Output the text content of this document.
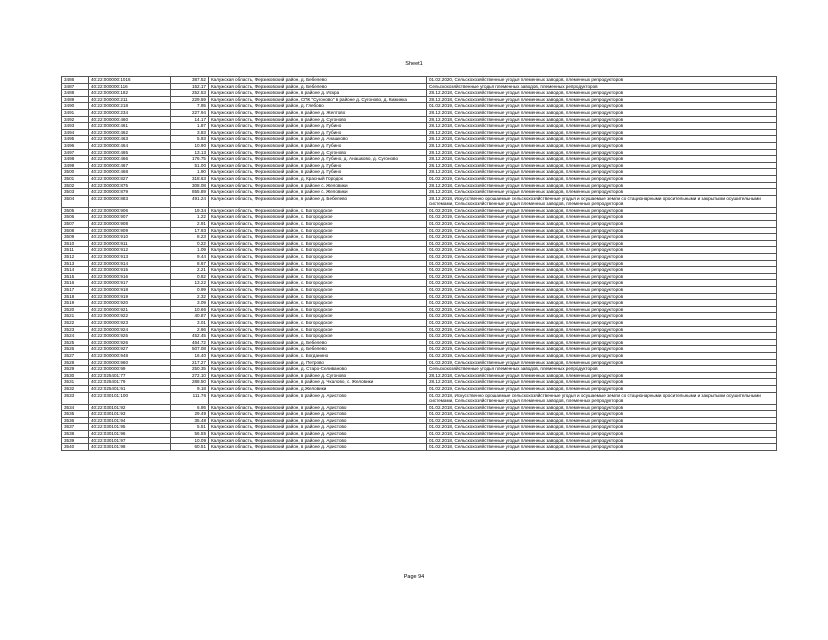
Sheet1
3486	40:22:000000:1016	387.52	Калужская область, Ферзиковский район, д. Бебелево	01.02.2020, Сельскохозяйственные угодья племенных заводов, племенных репродукторов
3487	40:22:000000:116	152.17	Калужская область, Ферзиковский район, д. Бебелево	Сельскохозяйственные угодья племенных заводов, племенных репродукторов
3488	40:22:000000:182	252.53	Калужская область, Ферзиковский район, в районе д. Искра	28.12.2018, Сельскохозяйственные угодья племенных заводов, племенных репродукторов
3489	40:22:000000:211	229.59	Калужская область, Ферзиковский район, СПК "Сугоново" в районе д. Сугоново, д. Кижинка	28.12.2018, Сельскохозяйственные угодья племенных заводов, племенных репродукторов
3490	40:22:000000:218	7.95	Калужская область, Ферзиковский район, д. Глебово	01.02.2019, Сельскохозяйственные угодья племенных заводов, племенных репродукторов
3491	40:22:000000:234	227.94	Калужская область, Ферзиковский район, в районе д. Желтово	28.12.2018, Сельскохозяйственные угодья племенных заводов, племенных репродукторов
3492	40:22:000000:460	14.17	Калужская область, Ферзиковский район, в районе д. Сугоново	28.12.2018, Сельскохозяйственные угодья племенных заводов, племенных репродукторов
3493	40:22:000000:461	1.87	Калужская область, Ферзиковский район, в районе д. Губино	28.12.2018, Сельскохозяйственные угодья племенных заводов, племенных репродукторов
3494	40:22:000000:462	3.83	Калужская область, Ферзиковский район, в районе д. Губино	28.12.2018, Сельскохозяйственные угодья племенных заводов, племенных репродукторов
3495	40:22:000000:463	5.93	Калужская область, Ферзиковский район, в районе д. Анашково	28.12.2018, Сельскохозяйственные угодья племенных заводов, племенных репродукторов
3496	40:22:000000:464	10.90	Калужская область, Ферзиковский район, в районе д. Губино	28.12.2018, Сельскохозяйственные угодья племенных заводов, племенных репродукторов
3497	40:22:000000:465	13.13	Калужская область, Ферзиковский район, в районе д. Сугоново	28.12.2018, Сельскохозяйственные угодья племенных заводов, племенных репродукторов
3498	40:22:000000:466	176.75	Калужская область, Ферзиковский район, в районе д. Губино, д. Анашково, д. Сугоново	28.12.2018, Сельскохозяйственные угодья племенных заводов, племенных репродукторов
3499	40:22:000000:467	51.00	Калужская область, Ферзиковский район, в районе д. Губино	28.12.2018, Сельскохозяйственные угодья племенных заводов, племенных репродукторов
3500	40:22:000000:468	1.90	Калужская область, Ферзиковский район, в районе д. Губино	28.12.2018, Сельскохозяйственные угодья племенных заводов, племенных репродукторов
3501	40:22:000000:827	318.63	Калужская область, Ферзиковский район, д. Красный Городок	01.02.2019, Сельскохозяйственные угодья племенных заводов, племенных репродукторов
3502	40:22:000000:875	308.08	Калужская область, Ферзиковский район, в районе с. Желовики	28.12.2018, Сельскохозяйственные угодья племенных заводов, племенных репродукторов
3503	40:22:000000:879	855.89	Калужская область, Ферзиковский район, в районе с. Желовики	28.12.2018, Сельскохозяйственные угодья племенных заводов, племенных репродукторов
3504	40:22:000000:883	491.24	Калужская область, Ферзиковский район, в районе д. Бебелево	28.12.2018, Искусственно орошаемые сельскохозяйственные угодья и осушаемые земли со стационарными оросительными и закрытыми осушительными системами, Сельскохозяйственные угодья племенных заводов, племенных репродукторов
3505	40:22:000000:906	19.34	Калужская область, Ферзиковский район, с. Богородское	01.02.2019, Сельскохозяйственные угодья племенных заводов, племенных репродукторов
3506	40:22:000000:907	1.22	Калужская область, Ферзиковский район, с. Богородское	01.02.2019, Сельскохозяйственные угодья племенных заводов, племенных репродукторов
3507	40:22:000000:908	2.91	Калужская область, Ферзиковский район, с. Богородское	01.02.2019, Сельскохозяйственные угодья племенных заводов, племенных репродукторов
3508	40:22:000000:909	17.93	Калужская область, Ферзиковский район, с. Богородское	01.02.2019, Сельскохозяйственные угодья племенных заводов, племенных репродукторов
3509	40:22:000000:910	8.23	Калужская область, Ферзиковский район, с. Богородское	01.02.2019, Сельскохозяйственные угодья племенных заводов, племенных репродукторов
3510	40:22:000000:911	0.22	Калужская область, Ферзиковский район, с. Богородское	01.02.2019, Сельскохозяйственные угодья племенных заводов, племенных репродукторов
3511	40:22:000000:912	1.09	Калужская область, Ферзиковский район, с. Богородское	01.02.2019, Сельскохозяйственные угодья племенных заводов, племенных репродукторов
3512	40:22:000000:913	9.44	Калужская область, Ферзиковский район, с. Богородское	01.02.2019, Сельскохозяйственные угодья племенных заводов, племенных репродукторов
3513	40:22:000000:914	8.67	Калужская область, Ферзиковский район, с. Богородское	01.02.2019, Сельскохозяйственные угодья племенных заводов, племенных репродукторов
3514	40:22:000000:915	2.21	Калужская область, Ферзиковский район, с. Богородское	01.02.2019, Сельскохозяйственные угодья племенных заводов, племенных репродукторов
3515	40:22:000000:916	0.82	Калужская область, Ферзиковский район, с. Богородское	01.02.2019, Сельскохозяйственные угодья племенных заводов, племенных репродукторов
3516	40:22:000000:917	13.22	Калужская область, Ферзиковский район, с. Богородское	01.02.2019, Сельскохозяйственные угодья племенных заводов, племенных репродукторов
3517	40:22:000000:918	0.99	Калужская область, Ферзиковский район, с. Богородское	01.02.2019, Сельскохозяйственные угодья племенных заводов, племенных репродукторов
3518	40:22:000000:919	2.32	Калужская область, Ферзиковский район, с. Богородское	01.02.2019, Сельскохозяйственные угодья племенных заводов, племенных репродукторов
3519	40:22:000000:920	3.09	Калужская область, Ферзиковский район, с. Богородское	01.02.2019, Сельскохозяйственные угодья племенных заводов, племенных репродукторов
3520	40:22:000000:921	10.66	Калужская область, Ферзиковский район, с. Богородское	01.02.2019, Сельскохозяйственные угодья племенных заводов, племенных репродукторов
3521	40:22:000000:922	40.87	Калужская область, Ферзиковский район, с. Богородское	01.02.2019, Сельскохозяйственные угодья племенных заводов, племенных репродукторов
3522	40:22:000000:923	3.01	Калужская область, Ферзиковский район, с. Богородское	01.02.2019, Сельскохозяйственные угодья племенных заводов, племенных репродукторов
3523	40:22:000000:924	2.66	Калужская область, Ферзиковский район, с. Богородское	01.02.2019, Сельскохозяйственные угодья племенных заводов, племенных репродукторов
3524	40:22:000000:925	452.45	Калужская область, Ферзиковский район, с. Богородское	01.02.2019, Сельскохозяйственные угодья племенных заводов, племенных репродукторов
3525	40:22:000000:926	464.72	Калужская область, Ферзиковский район, д. Бебелево	01.02.2019, Сельскохозяйственные угодья племенных заводов, племенных репродукторов
3526	40:22:000000:927	507.08	Калужская область, Ферзиковский район, д. Бебелево	01.02.2019, Сельскохозяйственные угодья племенных заводов, племенных репродукторов
3527	40:22:000000:948	16.40	Калужская область, Ферзиковский район, с. Богданино	01.02.2019, Сельскохозяйственные угодья племенных заводов, племенных репродукторов
3528	40:22:000000:960	217.27	Калужская область, Ферзиковский район, д. Петрово	01.02.2019, Сельскохозяйственные угодья племенных заводов, племенных репродукторов
3529	40:22:000000:99	250.35	Калужская область, Ферзиковский район, д. Старо-Селиваново	Сельскохозяйственные угодья племенных заводов, племенных репродукторов
3530	40:22:025401:77	272.10	Калужская область, Ферзиковский район, в районе д. Сугоново	28.12.2018, Сельскохозяйственные угодья племенных заводов, племенных репродукторов
3531	40:22:025401:79	288.50	Калужская область, Ферзиковский район, в районе д. Чкалово, с. Желовики	28.12.2018, Сельскохозяйственные угодья племенных заводов, племенных репродукторов
3532	40:22:025401:91	9.18	Калужская область, Ферзиковский район, д.Желовики	01.02.2019, Сельскохозяйственные угодья племенных заводов, племенных репродукторов
3533	40:22:030101:100	111.76	Калужская область, Ферзиковский район, в районе д. Аристово	01.02.2018, Искусственно орошаемые сельскохозяйственные угодья и осушаемые земли со стационарными оросительными и закрытыми осушительными системами, Сельскохозяйственные угодья племенных заводов, племенных репродукторов
3534	40:22:030101:92	6.95	Калужская область, Ферзиковский район, в районе д. Аристово	01.02.2018, Сельскохозяйственные угодья племенных заводов, племенных репродукторов
3535	40:22:030101:93	29.49	Калужская область, Ферзиковский район, в районе д. Аристово	01.02.2018, Сельскохозяйственные угодья племенных заводов, племенных репродукторов
3536	40:22:030101:94	35.48	Калужская область, Ферзиковский район, в районе д. Аристово	01.02.2018, Сельскохозяйственные угодья племенных заводов, племенных репродукторов
3537	40:22:030101:95	5.51	Калужская область, Ферзиковский район, в районе д. Аристово	01.02.2018, Сельскохозяйственные угодья племенных заводов, племенных репродукторов
3538	40:22:030101:96	56.55	Калужская область, Ферзиковский район, в районе д. Аристово	01.02.2018, Сельскохозяйственные угодья племенных заводов, племенных репродукторов
3539	40:22:030101:97	10.09	Калужская область, Ферзиковский район, в районе д. Аристово	01.02.2018, Сельскохозяйственные угодья племенных заводов, племенных репродукторов
3540	40:22:030101:98	60.51	Калужская область, Ферзиковский район, в районе д. Аристово	01.02.2018, Сельскохозяйственные угодья племенных заводов, племенных репродукторов
Page 94
